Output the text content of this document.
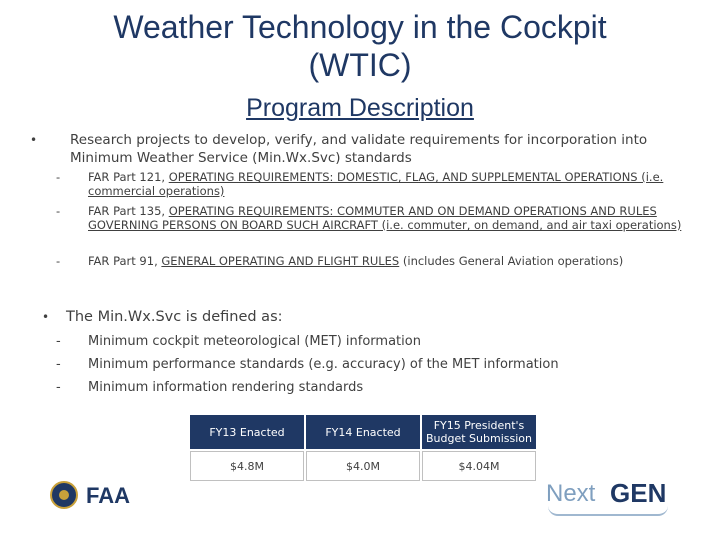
Weather Technology in the Cockpit
(WTIC)
Program Description
• Research projects to develop, verify, and validate requirements for incorporation into Minimum Weather Service (Min.Wx.Svc) standards
- FAR Part 121, OPERATING REQUIREMENTS: DOMESTIC, FLAG, AND SUPPLEMENTAL OPERATIONS (i.e. commercial operations)
- FAR Part 135, OPERATING REQUIREMENTS: COMMUTER AND ON DEMAND OPERATIONS AND RULES GOVERNING PERSONS ON BOARD SUCH AIRCRAFT (i.e. commuter, on demand, and air taxi operations)
- FAR Part 91, GENERAL OPERATING AND FLIGHT RULES (includes General Aviation operations)
• The Min.Wx.Svc is defined as:
- Minimum cockpit meteorological (MET) information
- Minimum performance standards (e.g. accuracy) of the MET information
- Minimum information rendering standards
FY13 Enacted	FY14 Enacted	FY15 President's Budget Submission
$4.8M	$4.0M	$4.04M
FAA	Next GEN
